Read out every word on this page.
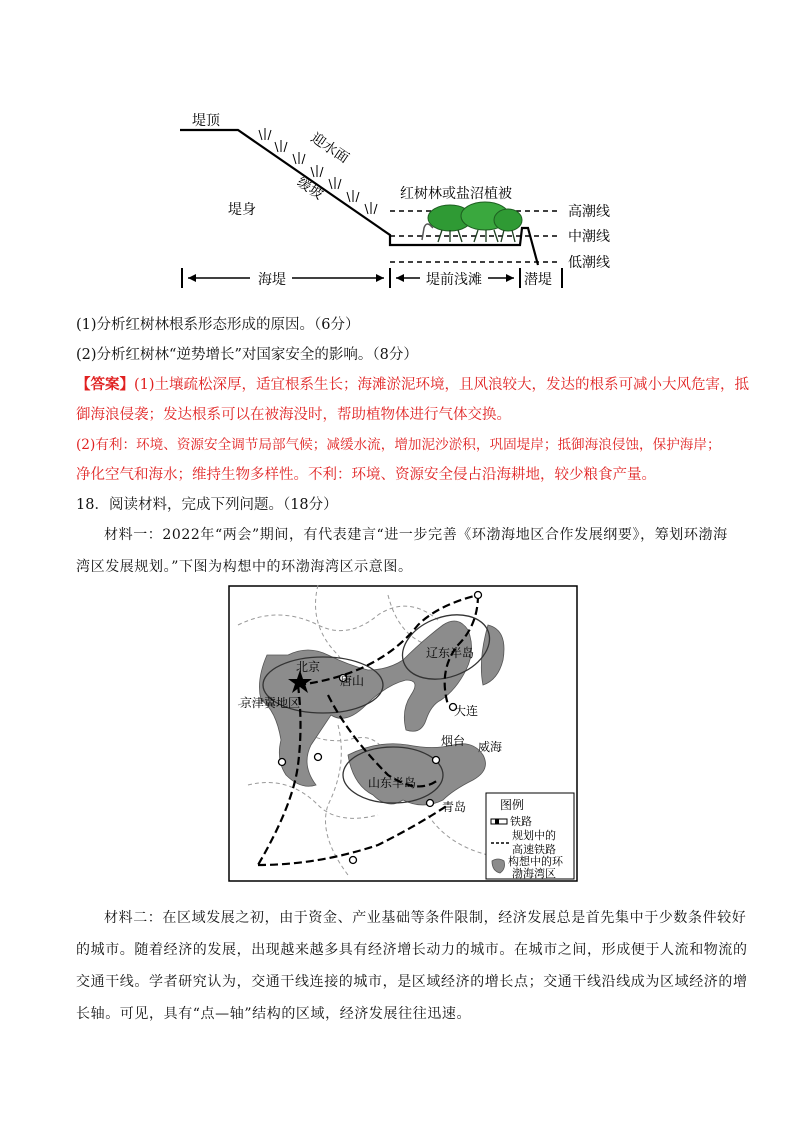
堤顶
堤身
迎水面
缓坡	红树林或盐沼植被
高潮线
中潮线
低潮线
海堤	堤前浅滩	潜堤
(1)分析红树林根系形态形成的原因。（6分）
(2)分析红树林“逆势增长”对国家安全的影响。（8分）
【答案】(1)土壤疏松深厚，适宜根系生长；海滩淤泥环境，且风浪较大，发达的根系可减小大风危害，抵
御海浪侵袭；发达根系可以在被海没时，帮助植物体进行气体交换。
(2)有利：环境、资源安全调节局部气候；减缓水流，增加泥沙淤积，巩固堤岸；抵御海浪侵蚀，保护海岸；
净化空气和海水；维持生物多样性。不利：环境、资源安全侵占沿海耕地，较少粮食产量。
18．阅读材料，完成下列问题。（18分）
材料一：2022年“两会”期间，有代表建言“进一步完善《环渤海地区合作发展纲要》，筹划环渤海
湾区发展规划。”下图为构想中的环渤海湾区示意图。
北京
唐山
京津冀地区
辽东半岛
大连
烟台 威海
山东半岛
青岛	图例
铁路
规划中的
高速铁路
构想中的环
渤海湾区
材料二：在区域发展之初，由于资金、产业基础等条件限制，经济发展总是首先集中于少数条件较好
的城市。随着经济的发展，出现越来越多具有经济增长动力的城市。在城市之间，形成便于人流和物流的
交通干线。学者研究认为，交通干线连接的城市，是区域经济的增长点；交通干线沿线成为区域经济的增
长轴。可见，具有“点—轴”结构的区域，经济发展往往迅速。
